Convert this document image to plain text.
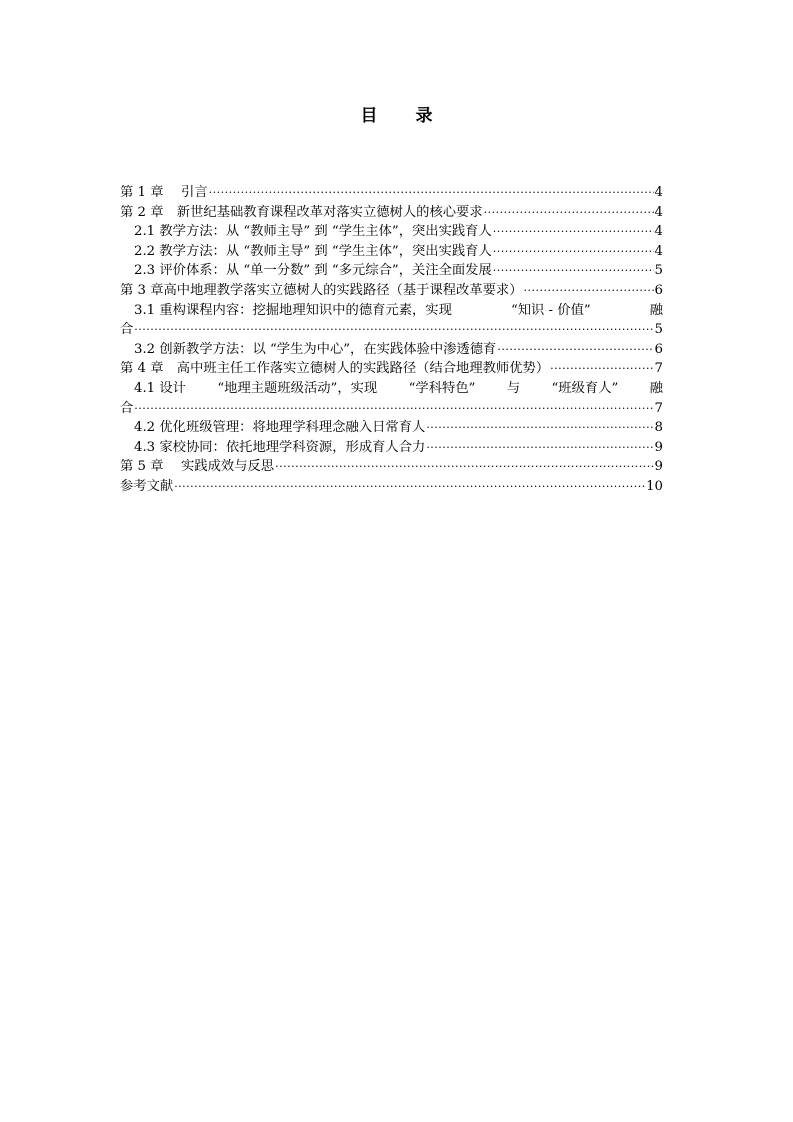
目 录
第 1 章　 引言 ·····	4
第 2 章　新世纪基础教育课程改革对落实立德树人的核心要求 ·····	4
2.1 教学方法：从 “教师主导” 到 “学生主体”，突出实践育人 ·····	4
2.2 教学方法：从 “教师主导” 到 “学生主体”，突出实践育人 ·····	4
2.3 评价体系：从 “单一分数” 到 “多元综合”，关注全面发展 ·····	5
第 3 章高中地理教学落实立德树人的实践路径（基于课程改革要求） ·····	6
3.1 重构课程内容：挖掘地理知识中的德育元素，实现	“知识 - 价值”	融
合 ·····	5
3.2 创新教学方法：以 “学生为中心”，在实践体验中渗透德育 ·····	6
第 4 章　高中班主任工作落实立德树人的实践路径（结合地理教师优势） ·····	7
4.1 设计 “地理主题班级活动”，实现 “学科特色” 与 “班级育人” 融
合 ·····	7
4.2 优化班级管理：将地理学科理念融入日常育人 ·····	8
4.3 家校协同：依托地理学科资源，形成育人合力 ·····	9
第 5 章　 实践成效与反思 ·····	9
参考文献 ·····	10
